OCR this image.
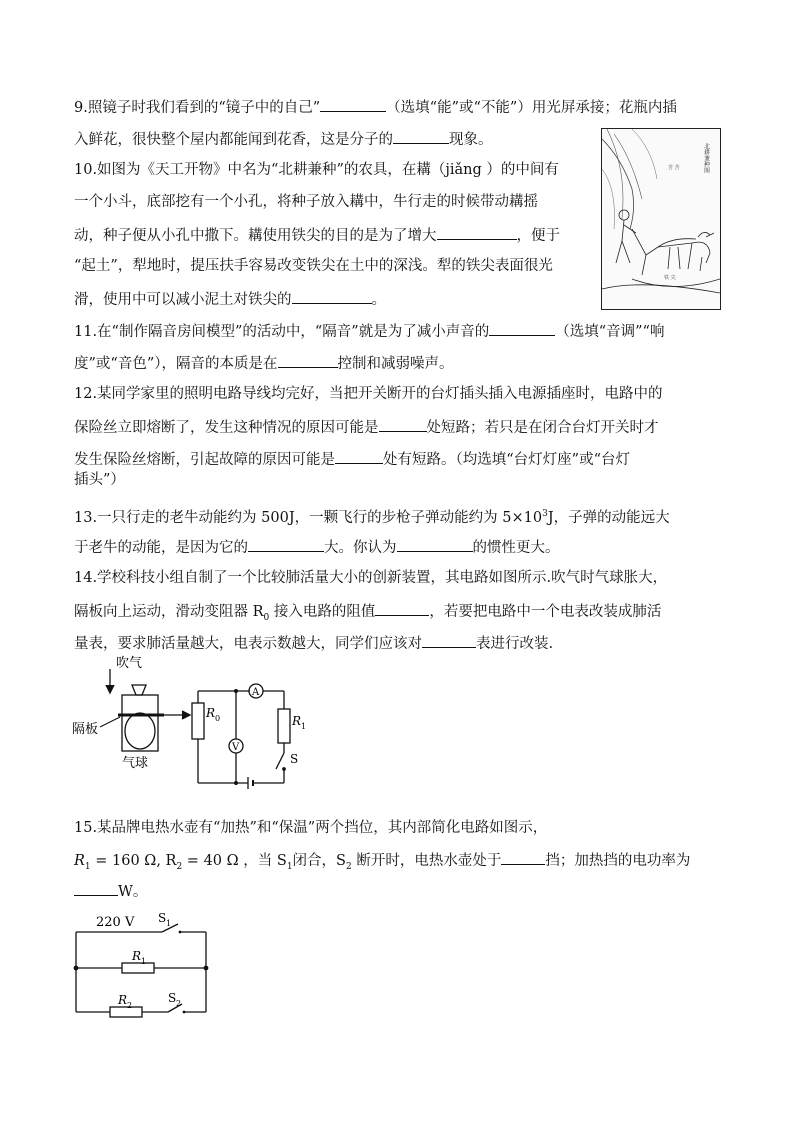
9.照镜子时我们看到的“镜子中的自己”	（选填“能”或“不能”）用光屏承接；花瓶内插
入鲜花，很快整个屋内都能闻到花香，这是分子的	现象。
10.如图为《天工开物》中名为“北耕兼种”的农具，在耩（jiǎng ）的中间有
一个小斗，底部挖有一个小孔，将种子放入耩中，牛行走的时候带动耩摇
动，种子便从小孔中撒下。耩使用铁尖的目的是为了增大	，便于
“起土”，犁地时，提压扶手容易改变铁尖在土中的深浅。犁的铁尖表面很光
滑，使用中可以减小泥土对铁尖的	。
北耕兼种图
苦 苦
铁 尖
11.在“制作隔音房间模型”的活动中，“隔音”就是为了减小声音的	（选填“音调”“响
度”或“音色”），隔音的本质是在	控制和减弱噪声。
12.某同学家里的照明电路导线均完好，当把开关断开的台灯插头插入电源插座时，电路中的
保险丝立即熔断了，发生这种情况的原因可能是	处短路；若只是在闭合台灯开关时才
发生保险丝熔断，引起故障的原因可能是	处有短路。（均选填“台灯灯座”或“台灯
插头”）
13.一只行走的老牛动能约为 500J，一颗飞行的步枪子弹动能约为 $5\times 10^3J$，子弹的动能远大
于老牛的动能，是因为它的	大。你认为	的惯性更大。
14.学校科技小组自制了一个比较肺活量大小的创新装置，其电路如图所示.吹气时气球胀大，
隔板向上运动，滑动变阻器 $R_0$ 接入电路的阻值	，若要把电路中一个电表改装成肺活
量表，要求肺活量越大，电表示数越大，同学们应该对	表进行改装.
吹气
隔板
气球
R 0	R 1
A
V
S
15.某品牌电热水壶有“加热”和“保温”两个挡位，其内部简化电路如图示，
$R_1 = 160$ Ω, $R_2 = 40$ Ω ，当 $S_1$闭合，$S_2$ 断开时，电热水壶处于	挡；加热挡的电功率为
W。
220 V S 1
R 1
R 2
S 2
